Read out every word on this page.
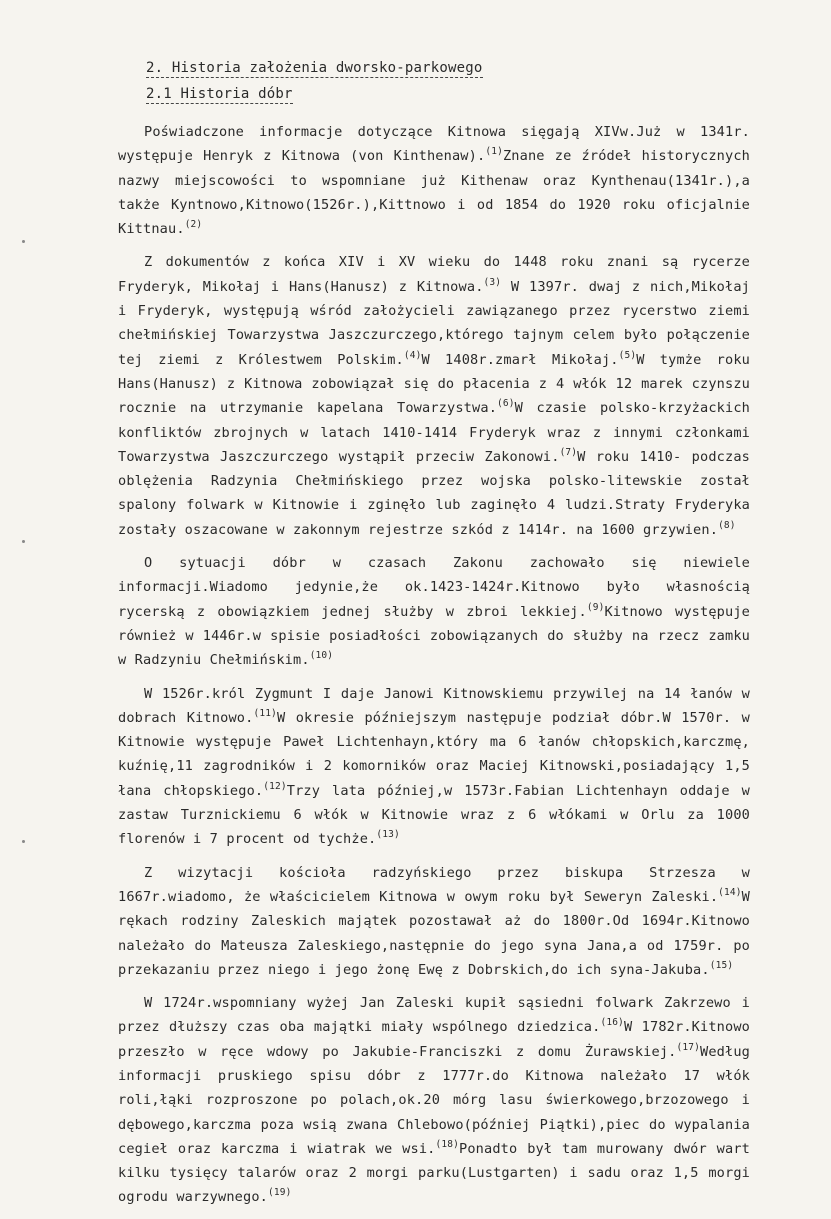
2. Historia założenia dworsko-parkowego
2.1 Historia dóbr

Poświadczone informacje dotyczące Kitnowa sięgają XIVw.Już w 1341r. występuje Henryk z Kitnowa (von Kinthenaw).$^{(1)}$Znane ze źródeł historycznych nazwy miejscowości to wspomniane już Kithenaw oraz Kynthenau(1341r.),a także Kyntnowo,Kitnowo(1526r.),Kittnowo i od 1854 do 1920 roku oficjalnie Kittnau.$^{(2)}$

Z dokumentów z końca XIV i XV wieku do 1448 roku znani są rycerze Fryderyk, Mikołaj i Hans(Hanusz) z Kitnowa.$^{(3)}$ W 1397r. dwaj z nich,Mikołaj i Fryderyk, występują wśród założycieli zawiązanego przez rycerstwo ziemi chełmińskiej Towarzystwa Jaszczurczego,którego tajnym celem było połączenie tej ziemi z Królestwem Polskim.$^{(4)}$W 1408r.zmarł Mikołaj.$^{(5)}$W tymże roku Hans(Hanusz) z Kitnowa zobowiązał się do płacenia z 4 włók 12 marek czynszu rocznie na utrzymanie kapelana Towarzystwa.$^{(6)}$W czasie polsko-krzyżackich konfliktów zbrojnych w latach 1410-1414 Fryderyk wraz z innymi członkami Towarzystwa Jaszczurczego wystąpił przeciw Zakonowi.$^{(7)}$W roku 1410- podczas oblężenia Radzynia Chełmińskiego przez wojska polsko-litewskie został spalony folwark w Kitnowie i zginęło lub zaginęło 4 ludzi.Straty Fryderyka zostały oszacowane w zakonnym rejestrze szkód z 1414r. na 1600 grzywien.$^{(8)}$

O sytuacji dóbr w czasach Zakonu zachowało się niewiele informacji.Wiadomo jedynie,że ok.1423-1424r.Kitnowo było własnością rycerską z obowiązkiem jednej służby w zbroi lekkiej.$^{(9)}$Kitnowo występuje również w 1446r.w spisie posiadłości zobowiązanych do służby na rzecz zamku w Radzyniu Chełmińskim.$^{(10)}$

W 1526r.król Zygmunt I daje Janowi Kitnowskiemu przywilej na 14 łanów w dobrach Kitnowo.$^{(11)}$W okresie późniejszym następuje podział dóbr.W 1570r. w Kitnowie występuje Paweł Lichtenhayn,który ma 6 łanów chłopskich,karczmę, kuźnię,11 zagrodników i 2 komorników oraz Maciej Kitnowski,posiadający 1,5 łana chłopskiego.$^{(12)}$Trzy lata później,w 1573r.Fabian Lichtenhayn oddaje w zastaw Turznickiemu 6 włók w Kitnowie wraz z 6 włókami w Orlu za 1000 florenów i 7 procent od tychże.$^{(13)}$

Z wizytacji kościoła radzyńskiego przez biskupa Strzesza w 1667r.wiadomo, że właścicielem Kitnowa w owym roku był Seweryn Zaleski.$^{(14)}$W rękach rodziny Zaleskich majątek pozostawał aż do 1800r.Od 1694r.Kitnowo należało do Mateusza Zaleskiego,następnie do jego syna Jana,a od 1759r. po przekazaniu przez niego i jego żonę Ewę z Dobrskich,do ich syna-Jakuba.$^{(15)}$

W 1724r.wspomniany wyżej Jan Zaleski kupił sąsiedni folwark Zakrzewo i przez dłuższy czas oba majątki miały wspólnego dziedzica.$^{(16)}$W 1782r.Kitnowo przeszło w ręce wdowy po Jakubie-Franciszki z domu Żurawskiej.$^{(17)}$Według informacji pruskiego spisu dóbr z 1777r.do Kitnowa należało 17 włók roli,łąki rozproszone po polach,ok.20 mórg lasu świerkowego,brzozowego i dębowego,karczma poza wsią zwana Chlebowo(później Piątki),piec do wypalania cegieł oraz karczma i wiatrak we wsi.$^{(18)}$Ponadto był tam murowany dwór wart kilku tysięcy talarów oraz 2 morgi parku(Lustgarten) i sadu oraz 1,5 morgi ogrodu warzywnego.$^{(19)}$
